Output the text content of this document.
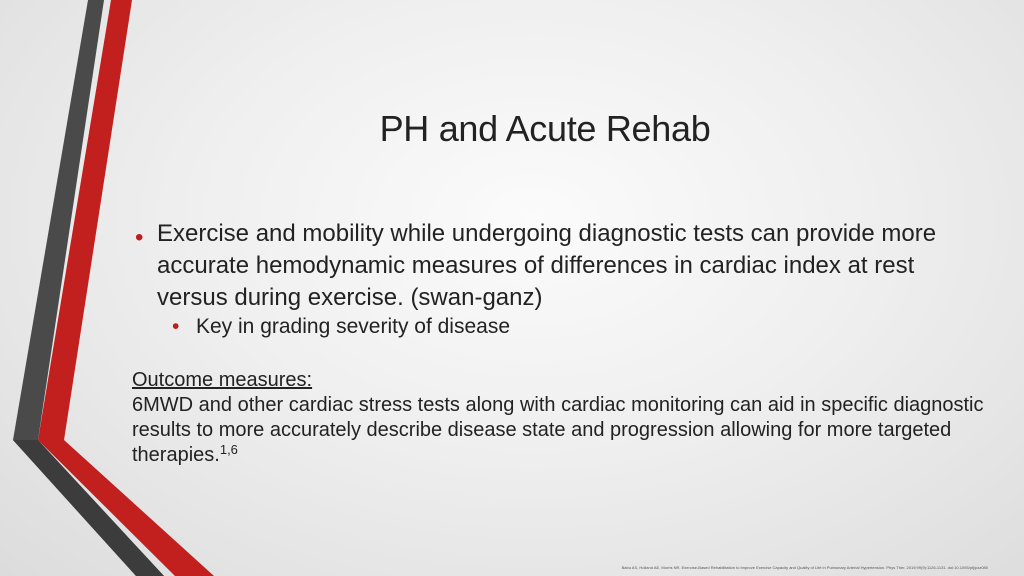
PH and Acute Rehab
• Exercise and mobility while undergoing diagnostic tests can provide more accurate hemodynamic measures of differences in cardiac index at rest versus during exercise. (swan-ganz)
• Key in grading severity of disease
Outcome measures:
6MWD and other cardiac stress tests along with cardiac monitoring can aid in specific diagnostic results to more accurately describe disease state and progression allowing for more targeted therapies.$^{1,6}$
Babu AS, Holland AE, Morris NR. Exercise-Based Rehabilitation to Improve Exercise Capacity and Quality of Life in Pulmonary Arterial Hypertension. Phys Ther. 2019;99(9):1126-1131. doi:10.1093/ptj/pzz080
